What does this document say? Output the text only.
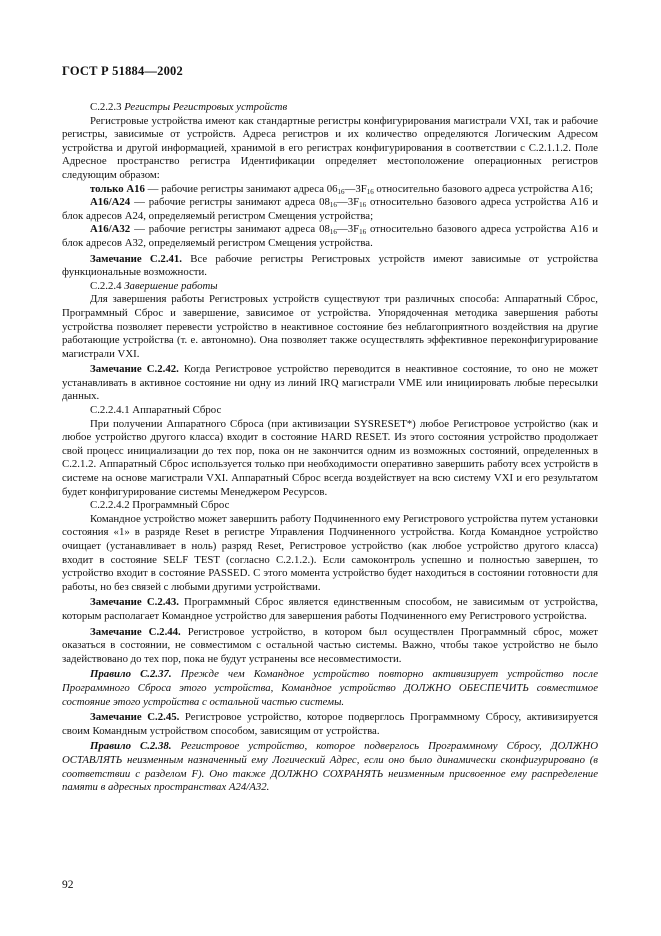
ГОСТ Р 51884—2002

С.2.2.3 Регистры Регистровых устройств

Регистровые устройства имеют как стандартные регистры конфигурирования магистрали VXI, так и рабочие регистры, зависимые от устройств. Адреса регистров и их количество определяются Логическим Адресом устройства и другой информацией, хранимой в его регистрах конфигурирования в соответствии с С.2.1.1.2. Поле Адресное пространство регистра Идентификации определяет местоположение операционных регистров следующим образом:

только А16 — рабочие регистры занимают адреса $06_{16}—3F_{16}$ относительно базового адреса устройства А16;

А16/А24 — рабочие регистры занимают адреса $08_{16}—3F_{16}$ относительно базового адреса устройства А16 и блок адресов А24, определяемый регистром Смещения устройства;

А16/А32 — рабочие регистры занимают адреса $08_{16}—3F_{16}$ относительно базового адреса устройства А16 и блок адресов А32, определяемый регистром Смещения устройства.

Замечание С.2.41. Все рабочие регистры Регистровых устройств имеют зависимые от устройства функциональные возможности.

С.2.2.4 Завершение работы

Для завершения работы Регистровых устройств существуют три различных способа: Аппаратный Сброс, Программный Сброс и завершение, зависимое от устройства. Упорядоченная методика завершения работы устройства позволяет перевести устройство в неактивное состояние без неблагоприятного воздействия на другие работающие устройства (т. е. автономно). Она позволяет также осуществлять эффективное переконфигурирование магистрали VXI.

Замечание С.2.42. Когда Регистровое устройство переводится в неактивное состояние, то оно не может устанавливать в активное состояние ни одну из линий IRQ магистрали VME или инициировать любые пересылки данных.

С.2.2.4.1 Аппаратный Сброс

При получении Аппаратного Сброса (при активизации SYSRESET*) любое Регистровое устройство (как и любое устройство другого класса) входит в состояние HARD RESET. Из этого состояния устройство продолжает свой процесс инициализации до тех пор, пока он не закончится одним из возможных состояний, определенных в С.2.1.2. Аппаратный Сброс используется только при необходимости оперативно завершить работу всех устройств в системе на основе магистрали VXI. Аппаратный Сброс всегда воздействует на всю систему VXI и его результатом будет конфигурирование системы Менеджером Ресурсов.

С.2.2.4.2 Программный Сброс

Командное устройство может завершить работу Подчиненного ему Регистрового устройства путем установки состояния «1» в разряде Reset в регистре Управления Подчиненного устройства. Когда Командное устройство очищает (устанавливает в ноль) разряд Reset, Регистровое устройство (как любое устройство другого класса) входит в состояние SELF TEST (согласно С.2.1.2.). Если самоконтроль успешно и полностью завершен, то устройство входит в состояние PASSED. С этого момента устройство будет находиться в состоянии готовности для работы, но без связей с любыми другими устройствами.

Замечание С.2.43. Программный Сброс является единственным способом, не зависимым от устройства, которым располагает Командное устройство для завершения работы Подчиненного ему Регистрового устройства.

Замечание С.2.44. Регистровое устройство, в котором был осуществлен Программный сброс, может оказаться в состоянии, не совместимом с остальной частью системы. Важно, чтобы такое устройство не было задействовано до тех пор, пока не будут устранены все несовместимости.

Правило С.2.37. Прежде чем Командное устройство повторно активизирует устройство после Программного Сброса этого устройства, Командное устройство ДОЛЖНО ОБЕСПЕЧИТЬ совместимое состояние этого устройства с остальной частью системы.

Замечание С.2.45. Регистровое устройство, которое подверглось Программному Сбросу, активизируется своим Командным устройством способом, зависящим от устройства.

Правило С.2.38. Регистровое устройство, которое подверглось Программному Сбросу, ДОЛЖНО ОСТАВЛЯТЬ неизменным назначенный ему Логический Адрес, если оно было динамически сконфигурировано (в соответствии с разделом F). Оно также ДОЛЖНО СОХРАНЯТЬ неизменным присвоенное ему распределение памяти в адресных пространствах А24/А32.

92
